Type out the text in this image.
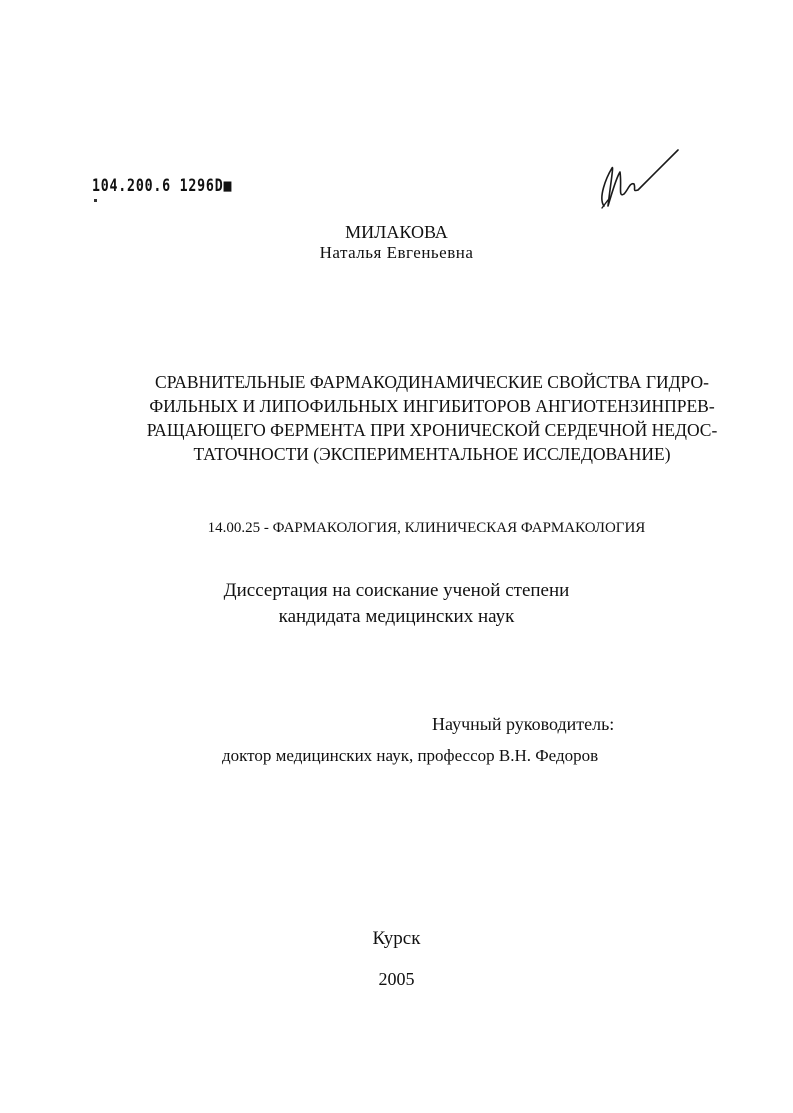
104.200.6 1296D■
МИЛАКОВА
Наталья Евгеньевна
СРАВНИТЕЛЬНЫЕ ФАРМАКОДИНАМИЧЕСКИЕ СВОЙСТВА ГИДРО-
ФИЛЬНЫХ И ЛИПОФИЛЬНЫХ ИНГИБИТОРОВ АНГИОТЕНЗИНПРЕВ-
РАЩАЮЩЕГО ФЕРМЕНТА ПРИ ХРОНИЧЕСКОЙ СЕРДЕЧНОЙ НЕДОС-
ТАТОЧНОСТИ (ЭКСПЕРИМЕНТАЛЬНОЕ ИССЛЕДОВАНИЕ)
14.00.25 - ФАРМАКОЛОГИЯ, КЛИНИЧЕСКАЯ ФАРМАКОЛОГИЯ
Диссертация на соискание ученой степени
кандидата медицинских наук
Научный руководитель:
доктор медицинских наук, профессор В.Н. Федоров
Курск
2005
